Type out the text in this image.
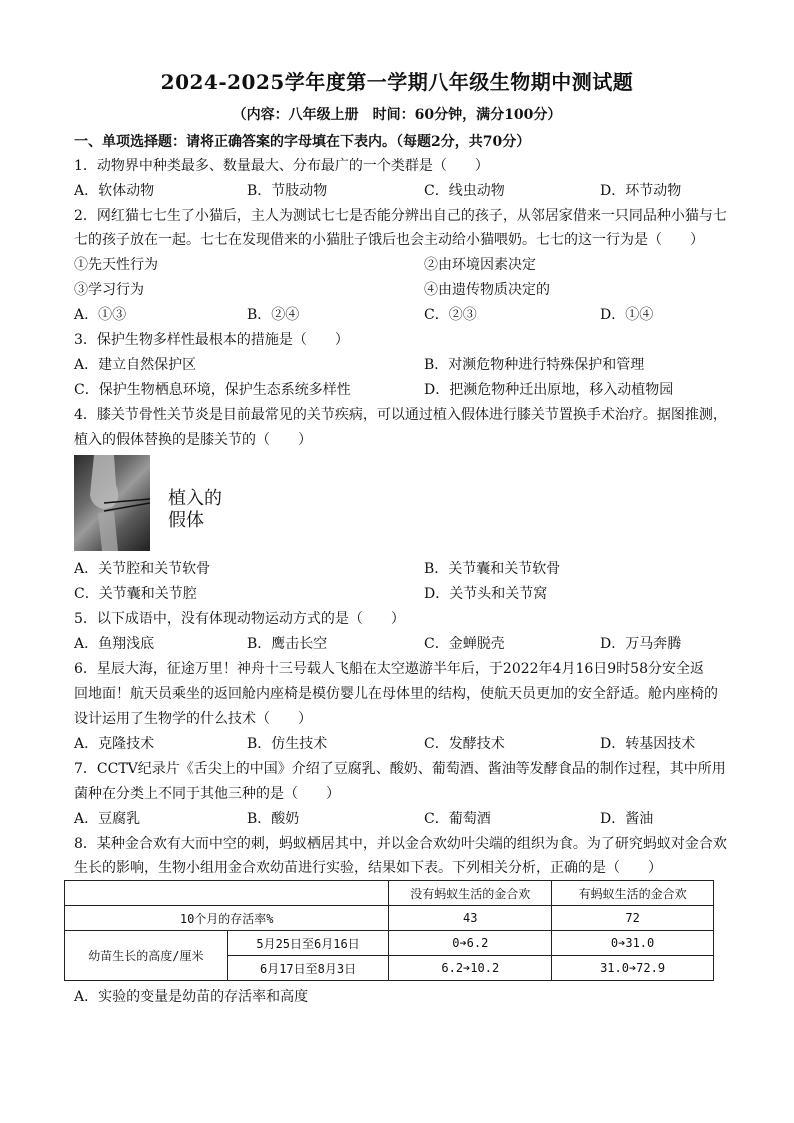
2024-2025学年度第一学期八年级生物期中测试题
（内容：八年级上册　时间：60分钟，满分100分）
一、单项选择题：请将正确答案的字母填在下表内。（每题2分，共70分）
1．动物界中种类最多、数量最大、分布最广的一个类群是（　　）
A．软体动物	B．节肢动物	C．线虫动物	D．环节动物
2．网红猫七七生了小猫后，主人为测试七七是否能分辨出自己的孩子，从邻居家借来一只同品种小猫与七
七的孩子放在一起。七七在发现借来的小猫肚子饿后也会主动给小猫喂奶。七七的这一行为是（　　）
①先天性行为	②由环境因素决定
③学习行为	④由遗传物质决定的
A．①③	B．②④	C．②③	D．①④
3．保护生物多样性最根本的措施是（　　）
A．建立自然保护区	B．对濒危物种进行特殊保护和管理
C．保护生物栖息环境，保护生态系统多样性	D．把濒危物种迁出原地，移入动植物园
4．膝关节骨性关节炎是目前最常见的关节疾病，可以通过植入假体进行膝关节置换手术治疗。据图推测，
植入的假体替换的是膝关节的（　　）
植入的
假体
A．关节腔和关节软骨	B．关节囊和关节软骨
C．关节囊和关节腔	D．关节头和关节窝
5．以下成语中，没有体现动物运动方式的是（　　）
A．鱼翔浅底	B．鹰击长空	C．金蝉脱壳	D．万马奔腾
6．星辰大海，征途万里！神舟十三号载人飞船在太空遨游半年后，于2022年4月16日9时58分安全返
回地面！航天员乘坐的返回舱内座椅是模仿婴儿在母体里的结构，使航天员更加的安全舒适。舱内座椅的
设计运用了生物学的什么技术（　　）
A．克隆技术	B．仿生技术	C．发酵技术	D．转基因技术
7．CCTV纪录片《舌尖上的中国》介绍了豆腐乳、酸奶、葡萄酒、酱油等发酵食品的制作过程，其中所用
菌种在分类上不同于其他三种的是（　　）
A．豆腐乳	B．酸奶	C．葡萄酒	D．酱油
8．某种金合欢有大而中空的刺，蚂蚁栖居其中，并以金合欢幼叶尖端的组织为食。为了研究蚂蚁对金合欢
生长的影响，生物小组用金合欢幼苗进行实验，结果如下表。下列相关分析，正确的是（　　）
		没有蚂蚁生活的金合欢	有蚂蚁生活的金合欢
10个月的存活率%		43	72
幼苗生长的高度/厘米	5月25日至6月16日	0➔6.2	0➔31.0
	6月17日至8月3日	6.2➔10.2	31.0➔72.9
A．实验的变量是幼苗的存活率和高度
